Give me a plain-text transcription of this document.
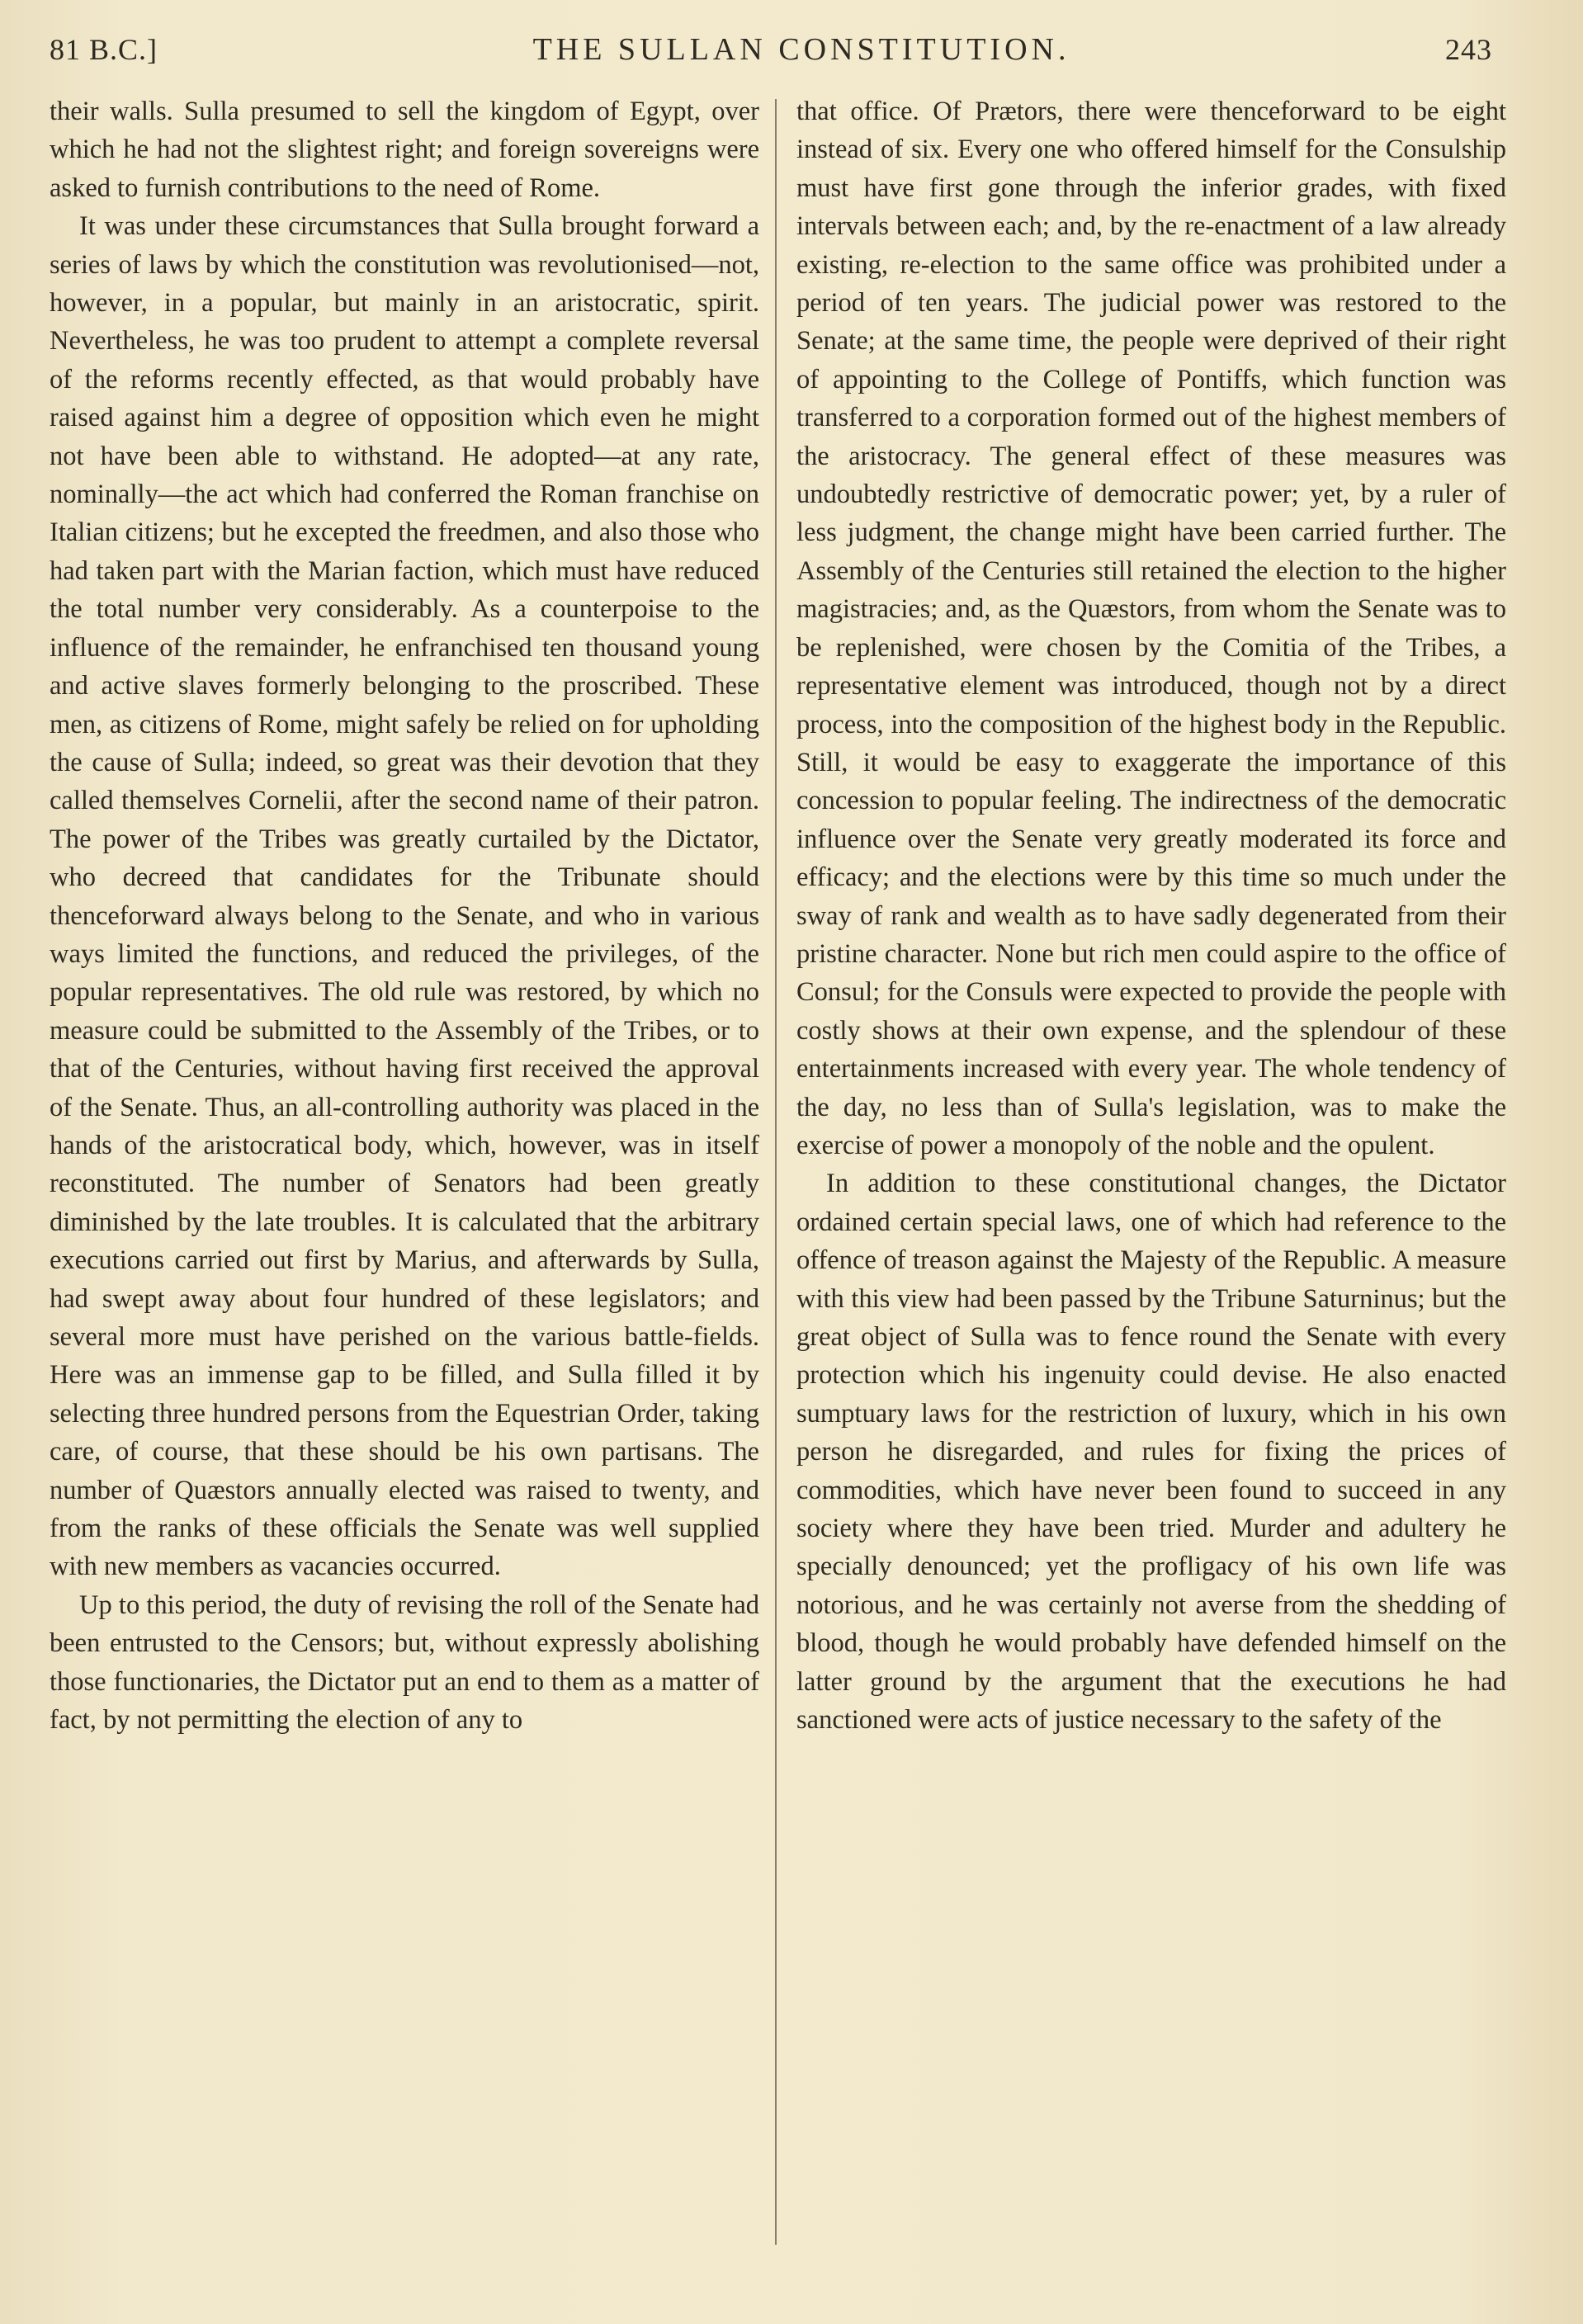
81 B.C.]	THE SULLAN CONSTITUTION.	243

their walls. Sulla presumed to sell the kingdom of Egypt, over which he had not the slightest right; and foreign sovereigns were asked to furnish contributions to the need of Rome.

It was under these circumstances that Sulla brought forward a series of laws by which the constitution was revolutionised—not, however, in a popular, but mainly in an aristocratic, spirit. Nevertheless, he was too prudent to attempt a complete reversal of the reforms recently effected, as that would probably have raised against him a degree of opposition which even he might not have been able to withstand. He adopted—at any rate, nominally—the act which had conferred the Roman franchise on Italian citizens; but he excepted the freedmen, and also those who had taken part with the Marian faction, which must have reduced the total number very considerably. As a counterpoise to the influence of the remainder, he enfranchised ten thousand young and active slaves formerly belonging to the proscribed. These men, as citizens of Rome, might safely be relied on for upholding the cause of Sulla; indeed, so great was their devotion that they called themselves Cornelii, after the second name of their patron. The power of the Tribes was greatly curtailed by the Dictator, who decreed that candidates for the Tribunate should thenceforward always belong to the Senate, and who in various ways limited the functions, and reduced the privileges, of the popular representatives. The old rule was restored, by which no measure could be submitted to the Assembly of the Tribes, or to that of the Centuries, without having first received the approval of the Senate. Thus, an all-controlling authority was placed in the hands of the aristocratical body, which, however, was in itself reconstituted. The number of Senators had been greatly diminished by the late troubles. It is calculated that the arbitrary executions carried out first by Marius, and afterwards by Sulla, had swept away about four hundred of these legislators; and several more must have perished on the various battle-fields. Here was an immense gap to be filled, and Sulla filled it by selecting three hundred persons from the Equestrian Order, taking care, of course, that these should be his own partisans. The number of Quæstors annually elected was raised to twenty, and from the ranks of these officials the Senate was well supplied with new members as vacancies occurred.

Up to this period, the duty of revising the roll of the Senate had been entrusted to the Censors; but, without expressly abolishing those functionaries, the Dictator put an end to them as a matter of fact, by not permitting the election of any to

that office. Of Prætors, there were thenceforward to be eight instead of six. Every one who offered himself for the Consulship must have first gone through the inferior grades, with fixed intervals between each; and, by the re-enactment of a law already existing, re-election to the same office was prohibited under a period of ten years. The judicial power was restored to the Senate; at the same time, the people were deprived of their right of appointing to the College of Pontiffs, which function was transferred to a corporation formed out of the highest members of the aristocracy. The general effect of these measures was undoubtedly restrictive of democratic power; yet, by a ruler of less judgment, the change might have been carried further. The Assembly of the Centuries still retained the election to the higher magistracies; and, as the Quæstors, from whom the Senate was to be replenished, were chosen by the Comitia of the Tribes, a representative element was introduced, though not by a direct process, into the composition of the highest body in the Republic. Still, it would be easy to exaggerate the importance of this concession to popular feeling. The indirectness of the democratic influence over the Senate very greatly moderated its force and efficacy; and the elections were by this time so much under the sway of rank and wealth as to have sadly degenerated from their pristine character. None but rich men could aspire to the office of Consul; for the Consuls were expected to provide the people with costly shows at their own expense, and the splendour of these entertainments increased with every year. The whole tendency of the day, no less than of Sulla's legislation, was to make the exercise of power a monopoly of the noble and the opulent.

In addition to these constitutional changes, the Dictator ordained certain special laws, one of which had reference to the offence of treason against the Majesty of the Republic. A measure with this view had been passed by the Tribune Saturninus; but the great object of Sulla was to fence round the Senate with every protection which his ingenuity could devise. He also enacted sumptuary laws for the restriction of luxury, which in his own person he disregarded, and rules for fixing the prices of commodities, which have never been found to succeed in any society where they have been tried. Murder and adultery he specially denounced; yet the profligacy of his own life was notorious, and he was certainly not averse from the shedding of blood, though he would probably have defended himself on the latter ground by the argument that the executions he had sanctioned were acts of justice necessary to the safety of the
